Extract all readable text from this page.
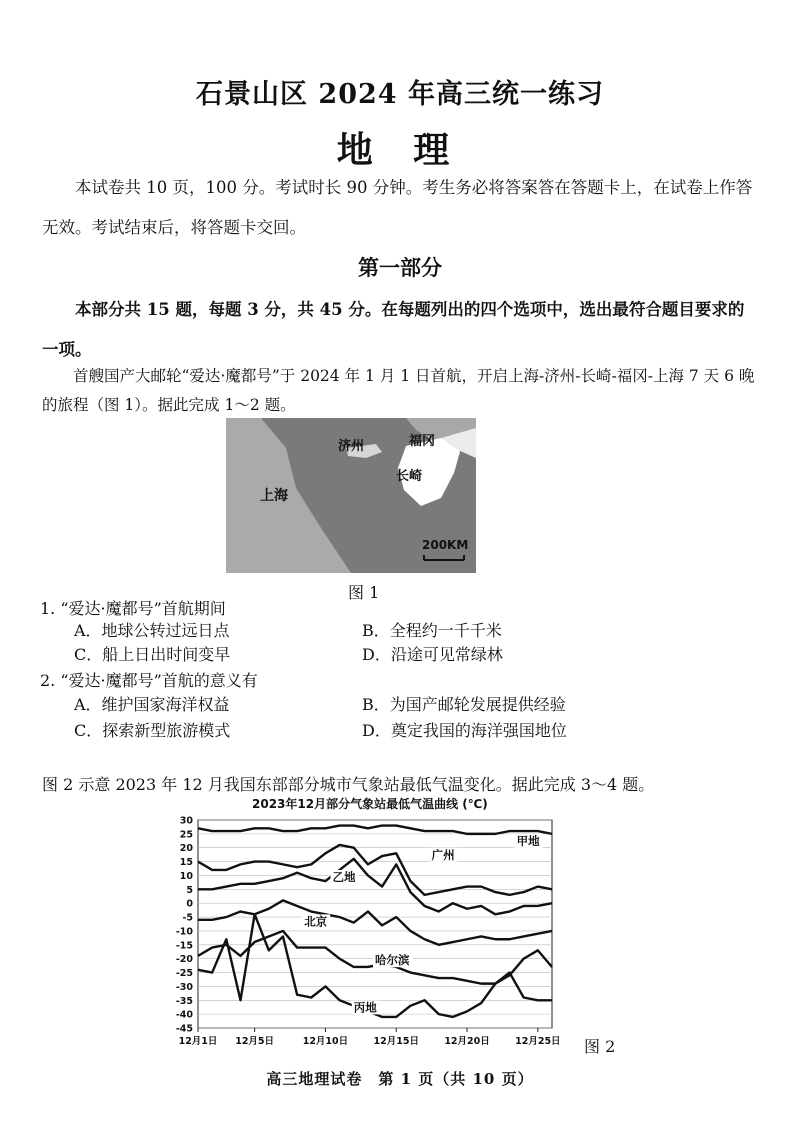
石景山区 2024 年高三统一练习
地 理
本试卷共 10 页，100 分。考试时长 90 分钟。考生务必将答案答在答题卡上，在试卷上作答无效。考试结束后，将答题卡交回。
第一部分
本部分共 15 题，每题 3 分，共 45 分。在每题列出的四个选项中，选出最符合题目要求的一项。
首艘国产大邮轮“爱达·魔都号”于 2024 年 1 月 1 日首航，开启上海-济州-长崎-福冈-上海 7 天 6 晚的旅程（图 1）。据此完成 1～2 题。
济州	福冈
长崎
上海
200KM
图 1
1. “爱达·魔都号”首航期间
A．地球公转过远日点	B．全程约一千千米
C．船上日出时间变早	D．沿途可见常绿林
2. “爱达·魔都号”首航的意义有
A．维护国家海洋权益	B．为国产邮轮发展提供经验
C．探索新型旅游模式	D．奠定我国的海洋强国地位
图 2 示意 2023 年 12 月我国东部部分城市气象站最低气温变化。据此完成 3～4 题。
2023年12月部分气象站最低气温曲线 (℃)
30
25
20
15
10
5
0
-5
-10
-15
-20
-25
-30
-35
-40
-45
12月1日 12月5日	12月10日	12月15日	12月20日	12月25日
甲地
广州
乙地
北京
哈尔滨
丙地
图 2
高三地理试卷　第 1 页（共 10 页）
